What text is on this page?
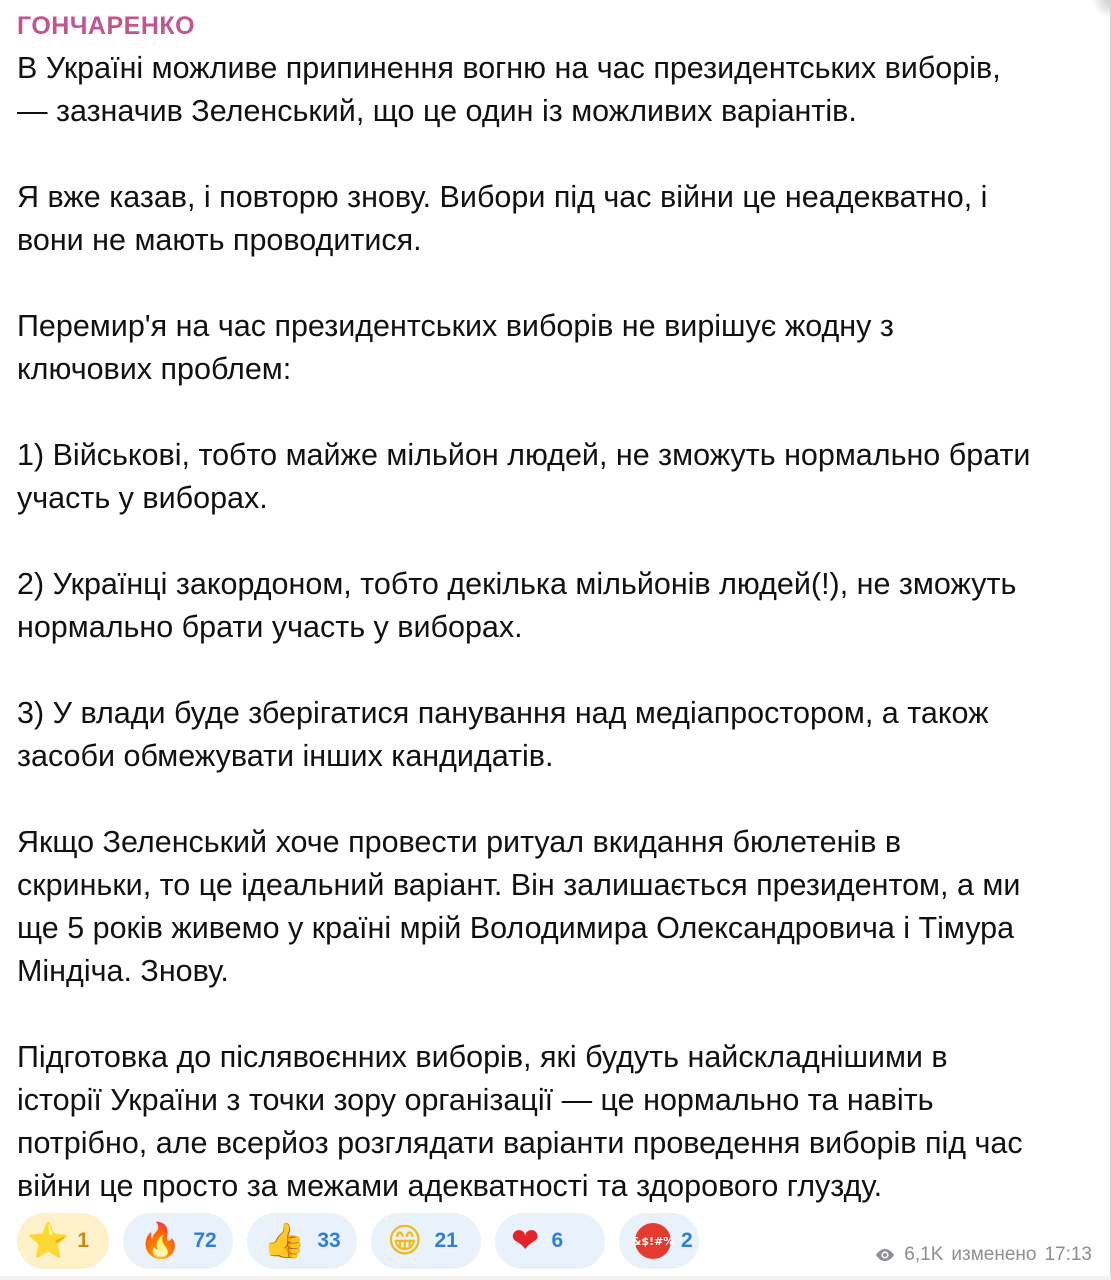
ГОНЧАРЕНКО

В Україні можливе припинення вогню на час президентських виборів,
— зазначив Зеленський, що це один із можливих варіантів.

Я вже казав, і повторю знову. Вибори під час війни це неадекватно, і
вони не мають проводитися.

Перемир'я на час президентських виборів не вирішує жодну з
ключових проблем:

1) Військові, тобто майже мільйон людей, не зможуть нормально брати
участь у виборах.

2) Українці закордоном, тобто декілька мільйонів людей(!), не зможуть
нормально брати участь у виборах.

3) У влади буде зберігатися панування над медіапростором, а також
засоби обмежувати інших кандидатів.

Якщо Зеленський хоче провести ритуал вкидання бюлетенів в
скриньки, то це ідеальний варіант. Він залишається президентом, а ми
ще 5 років живемо у країні мрій Володимира Олександровича і Тімура
Міндіча. Знову.

Підготовка до післявоєнних виборів, які будуть найскладнішими в
історії України з точки зору організації — це нормально та навіть
потрібно, але всерйоз розглядати варіанти проведення виборів під час
війни це просто за межами адекватності та здорового глузду.

⭐ 1 🔥 72 👍 33 😁 21 ❤ 6	&$!#% 2
6,1K изменено 17:13
